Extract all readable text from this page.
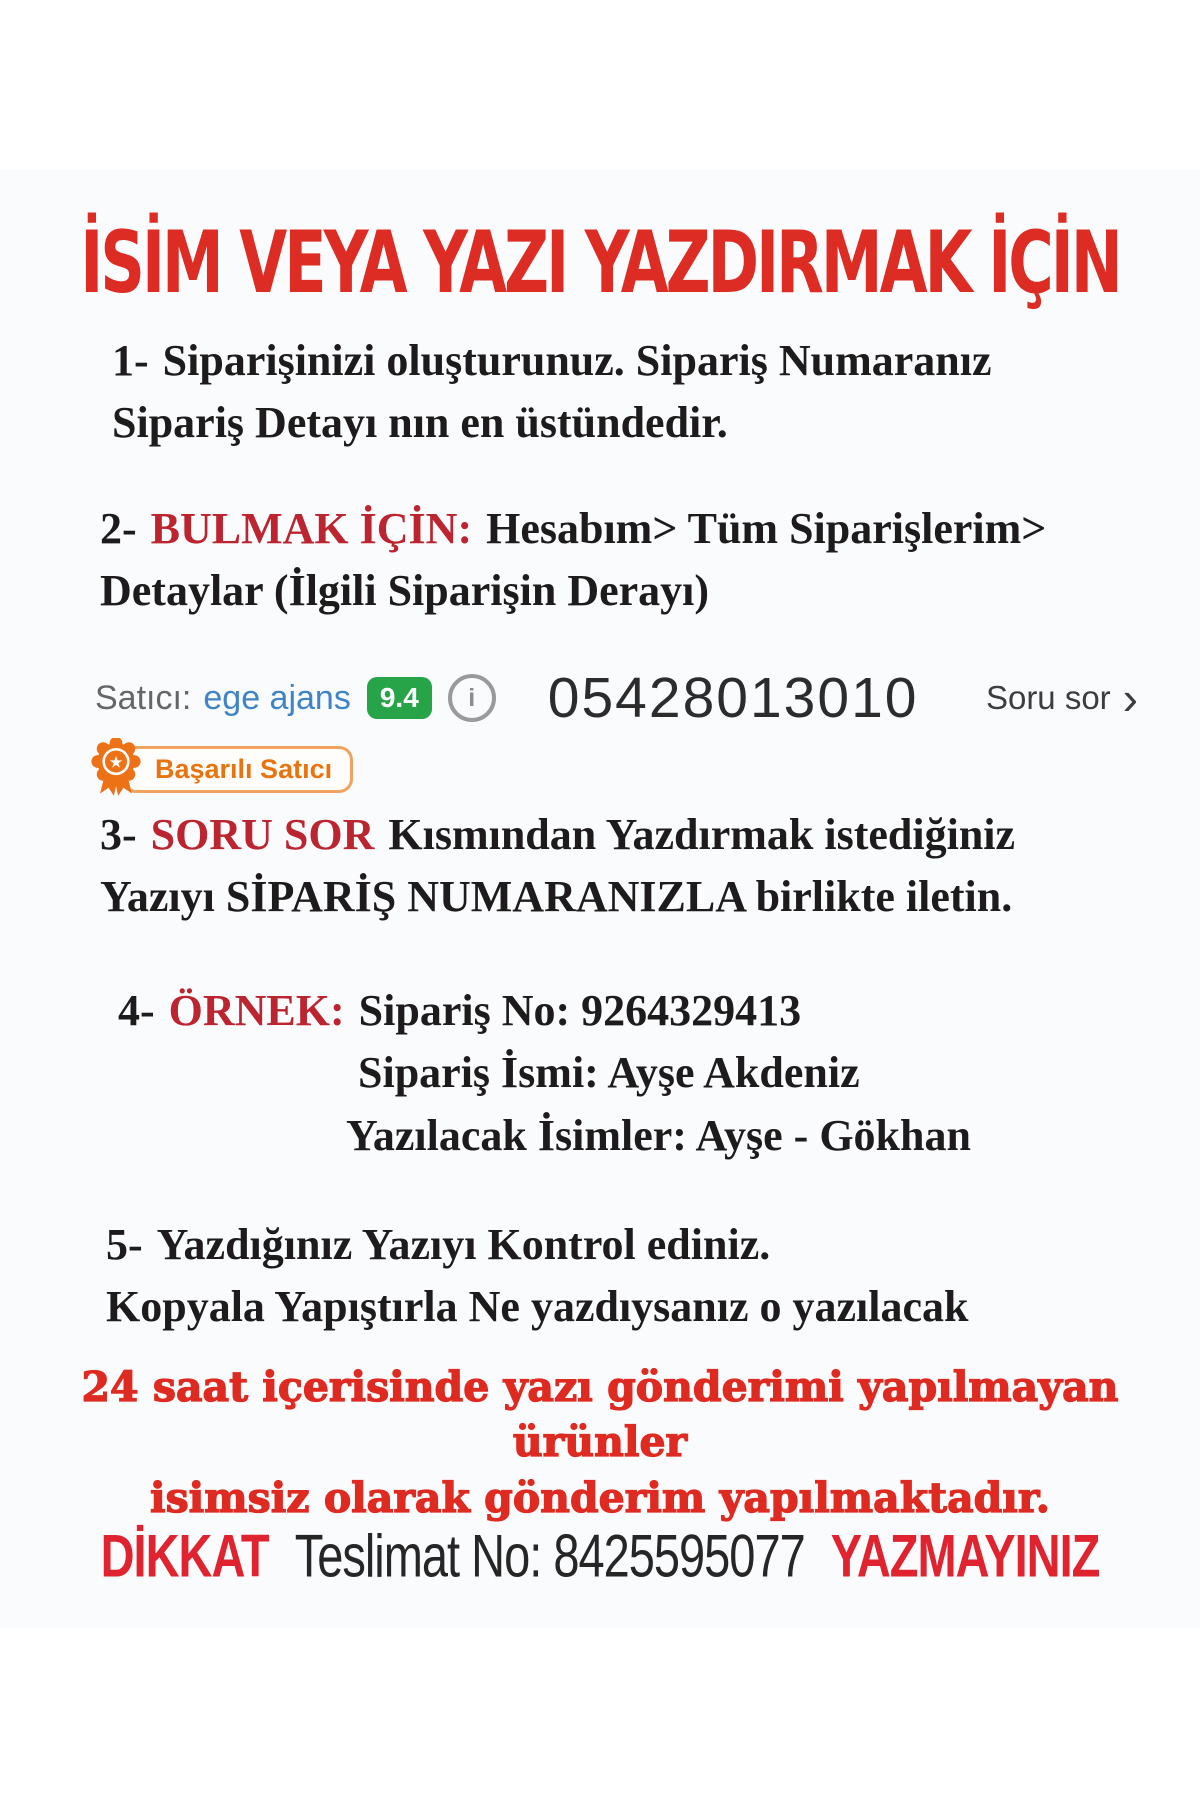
İSİM VEYA YAZI YAZDIRMAK İÇİN

1- Siparişinizi oluşturunuz. Sipariş Numaranız
Sipariş Detayı nın en üstündedir.

2- BULMAK İÇİN: Hesabım> Tüm Siparişlerim>
Detaylar (İlgili Siparişin Derayı)

Satıcı: ege ajans	9.4	i	05428013010 Soru sor ›
★	Başarılı Satıcı

3- SORU SOR Kısmından Yazdırmak istediğiniz
Yazıyı SİPARİŞ NUMARANIZLA birlikte iletin.

4- ÖRNEK: Sipariş No: 9264329413
Sipariş İsmi: Ayşe Akdeniz
Yazılacak İsimler: Ayşe - Gökhan

5- Yazdığınız Yazıyı Kontrol ediniz.
Kopyala Yapıştırla Ne yazdıysanız o yazılacak

24 saat içerisinde yazı gönderimi yapılmayan ürünler
isimsiz olarak gönderim yapılmaktadır.

DİKKAT Teslimat No: 8425595077 YAZMAYINIZ
